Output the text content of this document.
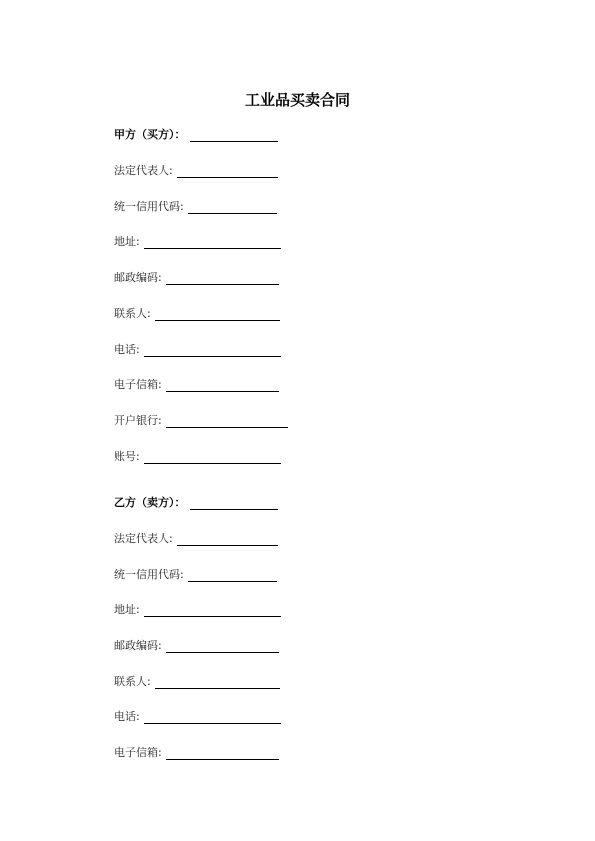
工业品买卖合同
甲方（买方）：
法定代表人:
统一信用代码:
地址:
邮政编码:
联系人:
电话:
电子信箱:
开户银行:
账号:
乙方（卖方）：
法定代表人:
统一信用代码:
地址:
邮政编码:
联系人:
电话:
电子信箱:
